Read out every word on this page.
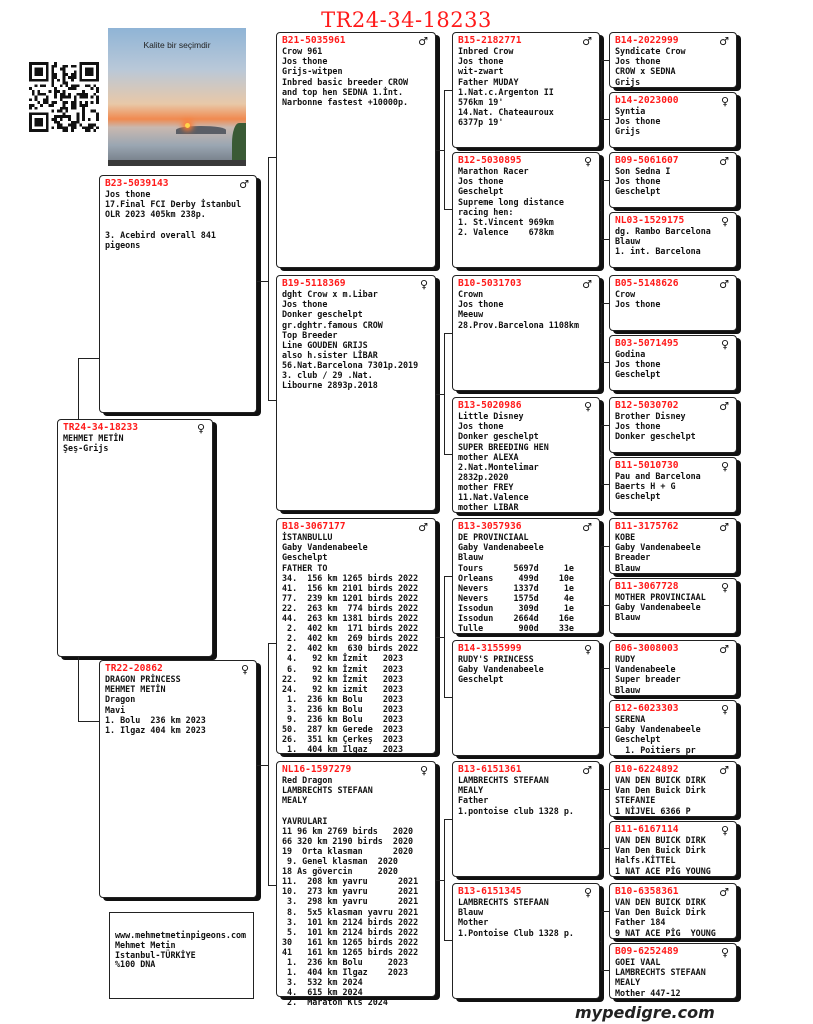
TR24-34-18233
Kalite bir seçimdir
TR24-34-18233	♀
MEHMET METİN
Şeş-Grijs
B23-5039143	♂
Jos thone
17.Final FCI Derby İstanbul
OLR 2023 405km 238p.

3. Acebird overall 841
pigeons
TR22-20862	♀
DRAGON PRİNCESS
MEHMET METİN
Dragon
Mavi
1. Bolu  236 km 2023
1. Ilgaz 404 km 2023
B21-5035961	♂
Crow 961
Jos thone
Grijs-witpen
Inbred basic breeder CROW
and top hen SEDNA 1.İnt.
Narbonne fastest +10000p.
B19-5118369	♀
dght Crow x m.Libar
Jos thone
Donker geschelpt
gr.dghtr.famous CROW
Top Breeder
Line GOUDEN GRIJS
also h.sister LİBAR
56.Nat.Barcelona 7301p.2019
3. club / 29 .Nat.
Libourne 2893p.2018
B18-3067177	♂
İSTANBULLU
Gaby Vandenabeele
Geschelpt
FATHER TO
34.  156 km 1265 birds 2022
41.  156 km 2101 birds 2022
77.  239 km 1201 birds 2022
22.  263 km  774 birds 2022
44.  263 km 1381 birds 2022
2.  402 km  171 birds 2022
2.  402 km  269 birds 2022
2.  402 km  630 birds 2022
4.   92 km İzmit   2023
6.   92 km İzmit   2023
22.   92 km İzmit   2023
24.   92 km izmit   2023
1.  236 km Bolu    2023
3.  236 km Bolu    2023
9.  236 km Bolu    2023
50.  287 km Gerede  2023
26.  351 km Çerkeş  2023
1.  404 km Ilgaz   2023
NL16-1597279	♀
Red Dragon
LAMBRECHTS STEFAAN
MEALY

YAVRULARI
11 96 km 2769 birds   2020
66 320 km 2190 birds  2020
19  Orta klasman      2020
9. Genel klasman  2020
18 As gövercin     2020
11.  208 km yavru      2021
10.  273 km yavru      2021
3.  298 km yavru      2021
8.  5x5 klasman yavru 2021
3.  101 km 2124 birds 2022
5.  101 km 2124 birds 2022
30   161 km 1265 birds 2022
41   161 km 1265 birds 2022
1.  236 km Bolu     2023
1.  404 km Ilgaz    2023
3.  532 km 2024
4.  615 km 2024
2.  Maraton Kls 2024
B15-2182771	♂
Inbred Crow
Jos thone
wit-zwart
Father MUDAY
1.Nat.c.Argenton II
576km 19'
14.Nat. Chateauroux
6377p 19'
B12-5030895	♀
Marathon Racer
Jos thone
Geschelpt
Supreme long distance
racing hen:
1. St.Vincent 969km
2. Valence    678km
B10-5031703	♂
Crown
Jos thone
Meeuw
28.Prov.Barcelona 1108km
B13-5020986	♀
Little Disney
Jos thone
Donker geschelpt
SUPER BREEDING HEN
mother ALEXA
2.Nat.Montelimar
2832p.2020
mother FREY
11.Nat.Valence
mother LIBAR
B13-3057936	♂
DE PROVINCIAAL
Gaby Vandenabeele
Blauw
Tours      5697d     1e
Orleans     499d    10e
Nevers     1337d     1e
Nevers     1575d     4e
Issodun     309d     1e
Issodun    2664d    16e
Tulle       900d    33e
B14-3155999	♀
RUDY'S PRINCESS
Gaby Vandenabeele
Geschelpt
B13-6151361	♂
LAMBRECHTS STEFAAN
MEALY
Father
1.pontoise club 1328 p.
B13-6151345	♀
LAMBRECHTS STEFAAN
Blauw
Mother
1.Pontoise Club 1328 p.
B14-2022999	♂
Syndicate Crow
Jos thone
CROW x SEDNA
Grijs
b14-2023000	♀
Syntia
Jos thone
Grijs
B09-5061607	♂
Son Sedna I
Jos thone
Geschelpt
NL03-1529175	♀
dg. Rambo Barcelona
Blauw
1. int. Barcelona
B05-5148626	♂
Crow
Jos thone
B03-5071495	♀
Godina
Jos thone
Geschelpt
B12-5030702	♂
Brother Disney
Jos thone
Donker geschelpt
B11-5010730	♀
Pau and Barcelona
Baerts H + G
Geschelpt
B11-3175762	♂
KOBE
Gaby Vandenabeele
Breader
Blauw
B11-3067728	♀
MOTHER PROVINCIAAL
Gaby Vandenabeele
Blauw
B06-3008003	♂
RUDY
Vandenabeele
Super breader
Blauw
B12-6023303	♀
SERENA
Gaby Vandenabeele
Geschelpt
1. Poitiers pr
B10-6224892	♂
VAN DEN BUICK DIRK
Van Den Buick Dirk
STEFANIE
1 NİJVEL 6366 P
B11-6167114	♀
VAN DEN BUICK DIRK
Van Den Buick Dirk
Halfs.KİTTEL
1 NAT ACE PİG YOUNG
B10-6358361	♂
VAN DEN BUICK DIRK
Van Den Buick Dirk
Father 184
9 NAT ACE PİG  YOUNG
B09-6252489	♀
GOEI VAAL
LAMBRECHTS STEFAAN
MEALY
Mother 447-12
www.mehmetmetinpigeons.com
Mehmet Metin
Istanbul-TÜRKİYE
%100 DNA
mypedigre.com
